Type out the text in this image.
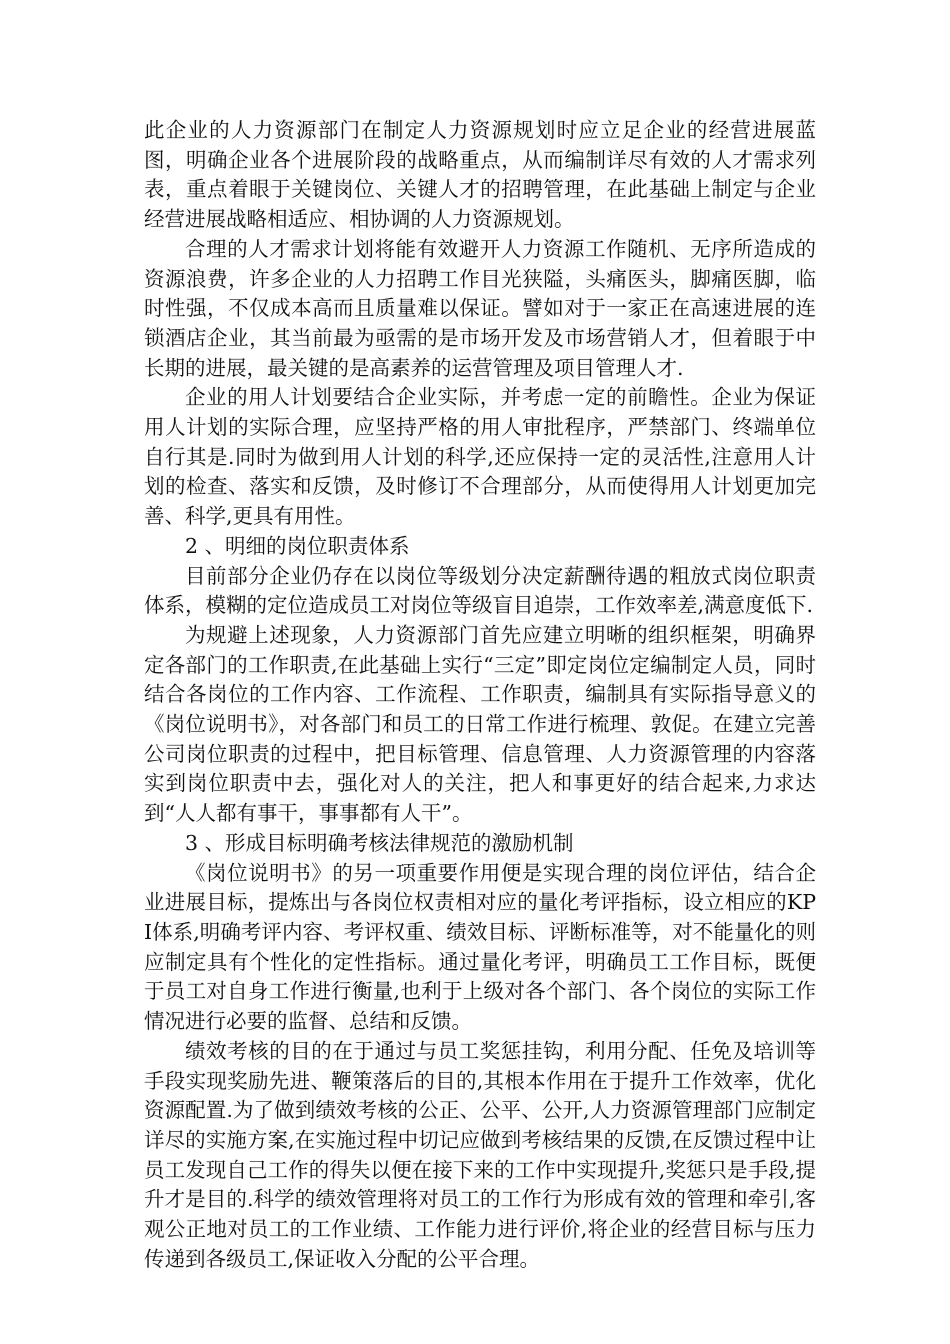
此企业的人力资源部门在制定人力资源规划时应立足企业的经营进展蓝图，明确企业各个进展阶段的战略重点，从而编制详尽有效的人才需求列表，重点着眼于关键岗位、关键人才的招聘管理，在此基础上制定与企业经营进展战略相适应、相协调的人力资源规划。

合理的人才需求计划将能有效避开人力资源工作随机、无序所造成的资源浪费，许多企业的人力招聘工作目光狭隘，头痛医头，脚痛医脚，临时性强，不仅成本高而且质量难以保证。譬如对于一家正在高速进展的连锁酒店企业，其当前最为亟需的是市场开发及市场营销人才，但着眼于中长期的进展，最关键的是高素养的运营管理及项目管理人才.

企业的用人计划要结合企业实际，并考虑一定的前瞻性。企业为保证用人计划的实际合理，应坚持严格的用人审批程序，严禁部门、终端单位自行其是.同时为做到用人计划的科学,还应保持一定的灵活性,注意用人计划的检查、落实和反馈，及时修订不合理部分，从而使得用人计划更加完善、科学,更具有用性。

2 、明细的岗位职责体系

目前部分企业仍存在以岗位等级划分决定薪酬待遇的粗放式岗位职责体系，模糊的定位造成员工对岗位等级盲目追崇，工作效率差,满意度低下.

为规避上述现象，人力资源部门首先应建立明晰的组织框架，明确界定各部门的工作职责,在此基础上实行“三定”即定岗位定编制定人员，同时结合各岗位的工作内容、工作流程、工作职责，编制具有实际指导意义的《岗位说明书》，对各部门和员工的日常工作进行梳理、敦促。在建立完善公司岗位职责的过程中，把目标管理、信息管理、人力资源管理的内容落实到岗位职责中去，强化对人的关注，把人和事更好的结合起来,力求达到“人人都有事干，事事都有人干”。

3 、形成目标明确考核法律规范的激励机制

《岗位说明书》的另一项重要作用便是实现合理的岗位评估，结合企业进展目标，提炼出与各岗位权责相对应的量化考评指标，设立相应的KPI体系,明确考评内容、考评权重、绩效目标、评断标准等，对不能量化的则应制定具有个性化的定性指标。通过量化考评，明确员工工作目标，既便于员工对自身工作进行衡量,也利于上级对各个部门、各个岗位的实际工作情况进行必要的监督、总结和反馈。

绩效考核的目的在于通过与员工奖惩挂钩，利用分配、任免及培训等手段实现奖励先进、鞭策落后的目的,其根本作用在于提升工作效率，优化资源配置.为了做到绩效考核的公正、公平、公开,人力资源管理部门应制定详尽的实施方案,在实施过程中切记应做到考核结果的反馈,在反馈过程中让员工发现自己工作的得失以便在接下来的工作中实现提升,奖惩只是手段,提升才是目的.科学的绩效管理将对员工的工作行为形成有效的管理和牵引,客观公正地对员工的工作业绩、工作能力进行评价,将企业的经营目标与压力传递到各级员工,保证收入分配的公平合理。
